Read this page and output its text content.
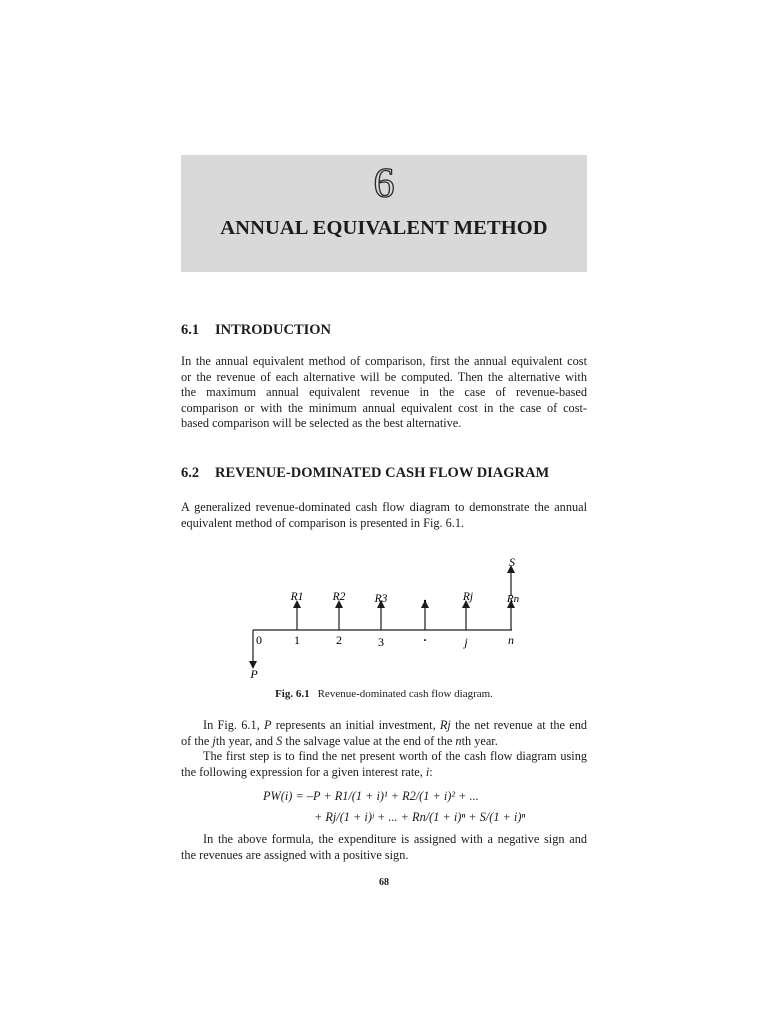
6
ANNUAL EQUIVALENT METHOD
6.1 INTRODUCTION
In the annual equivalent method of comparison, first the annual equivalent cost
or the revenue of each alternative will be computed. Then the alternative with
the maximum annual equivalent revenue in the case of revenue-based
comparison or with the minimum annual equivalent cost in the case of cost-
based comparison will be selected as the best alternative.
6.2 REVENUE-DOMINATED CASH FLOW DIAGRAM
A generalized revenue-dominated cash flow diagram to demonstrate the annual
equivalent method of comparison is presented in Fig. 6.1.
S
R1	R2	R3	.	Rj	Rn
0	1	2	3	·	j	n
P
Fig. 6.1 Revenue-dominated cash flow diagram.
In Fig. 6.1, P represents an initial investment, Rj the net revenue at the end
of the jth year, and S the salvage value at the end of the nth year.
The first step is to find the net present worth of the cash flow diagram using
the following expression for a given interest rate, i:
PW(i) = –P + R1/(1 + i)¹ + R2/(1 + i)² + ...
+ Rj/(1 + i)ʲ + ... + Rn/(1 + i)ⁿ + S/(1 + i)ⁿ
In the above formula, the expenditure is assigned with a negative sign and
the revenues are assigned with a positive sign.
68
